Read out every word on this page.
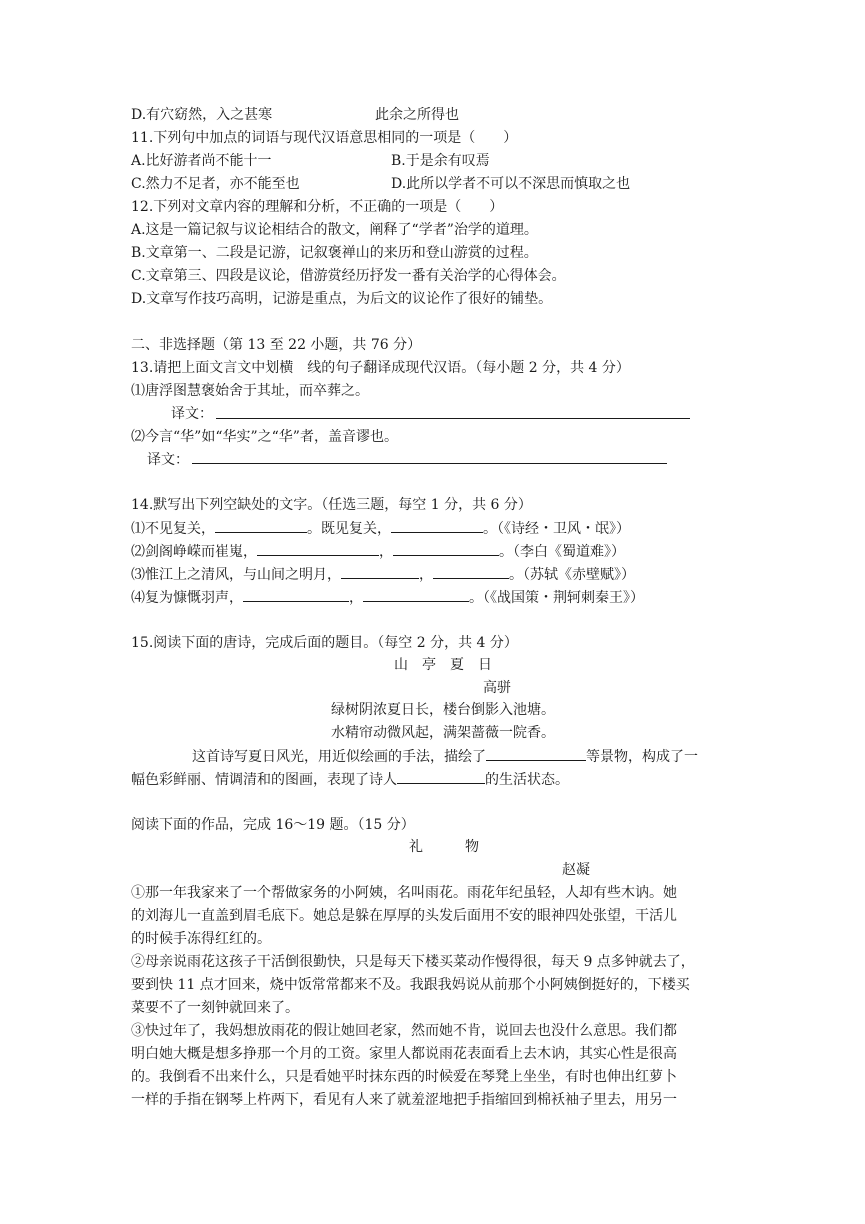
D.有穴窈然，入之甚寒	此余之所得也
11.下列句中加点的词语与现代汉语意思相同的一项是（　　）
A.比好游者尚不能十一	B.于是余有叹焉
C.然力不足者，亦不能至也	D.此所以学者不可以不深思而慎取之也
12.下列对文章内容的理解和分析，不正确的一项是（　　）
A.这是一篇记叙与议论相结合的散文，阐释了“学者”治学的道理。
B.文章第一、二段是记游，记叙褒禅山的来历和登山游赏的过程。
C.文章第三、四段是议论，借游赏经历抒发一番有关治学的心得体会。
D.文章写作技巧高明，记游是重点，为后文的议论作了很好的铺垫。
二、非选择题（第 13 至 22 小题，共 76 分）
13.请把上面文言文中划横　线的句子翻译成现代汉语。（每小题 2 分，共 4 分）
⑴唐浮图慧褒始舍于其址，而卒葬之。
译文：
⑵今言“华”如“华实”之“华”者，盖音谬也。
译文：
14.默写出下列空缺处的文字。（任选三题，每空 1 分，共 6 分）
⑴不见复关，	。既见复关，	。（《诗经・卫风・氓》）
⑵剑阁峥嵘而崔嵬，	，	。（李白《蜀道难》）
⑶惟江上之清风，与山间之明月，	，	。（苏轼《赤壁赋》）
⑷复为慷慨羽声，	，	。（《战国策・荆轲刺秦王》）
15.阅读下面的唐诗，完成后面的题目。（每空 2 分，共 4 分）
山　亭　夏　日
高骈
绿树阴浓夏日长，楼台倒影入池塘。
水精帘动微风起，满架蔷薇一院香。
这首诗写夏日风光，用近似绘画的手法，描绘了	等景物，构成了一
幅色彩鲜丽、情调清和的图画，表现了诗人	的生活状态。
阅读下面的作品，完成 16～19 题。（15 分）
礼　　　物
赵凝
①那一年我家来了一个帮做家务的小阿姨，名叫雨花。雨花年纪虽轻，人却有些木讷。她
的刘海儿一直盖到眉毛底下。她总是躲在厚厚的头发后面用不安的眼神四处张望，干活儿
的时候手冻得红红的。
②母亲说雨花这孩子干活倒很勤快，只是每天下楼买菜动作慢得很，每天 9 点多钟就去了，
要到快 11 点才回来，烧中饭常常都来不及。我跟我妈说从前那个小阿姨倒挺好的，下楼买
菜要不了一刻钟就回来了。
③快过年了，我妈想放雨花的假让她回老家，然而她不肯，说回去也没什么意思。我们都
明白她大概是想多挣那一个月的工资。家里人都说雨花表面看上去木讷，其实心性是很高
的。我倒看不出来什么，只是看她平时抹东西的时候爱在琴凳上坐坐，有时也伸出红萝卜
一样的手指在钢琴上杵两下，看见有人来了就羞涩地把手指缩回到棉袄袖子里去，用另一
